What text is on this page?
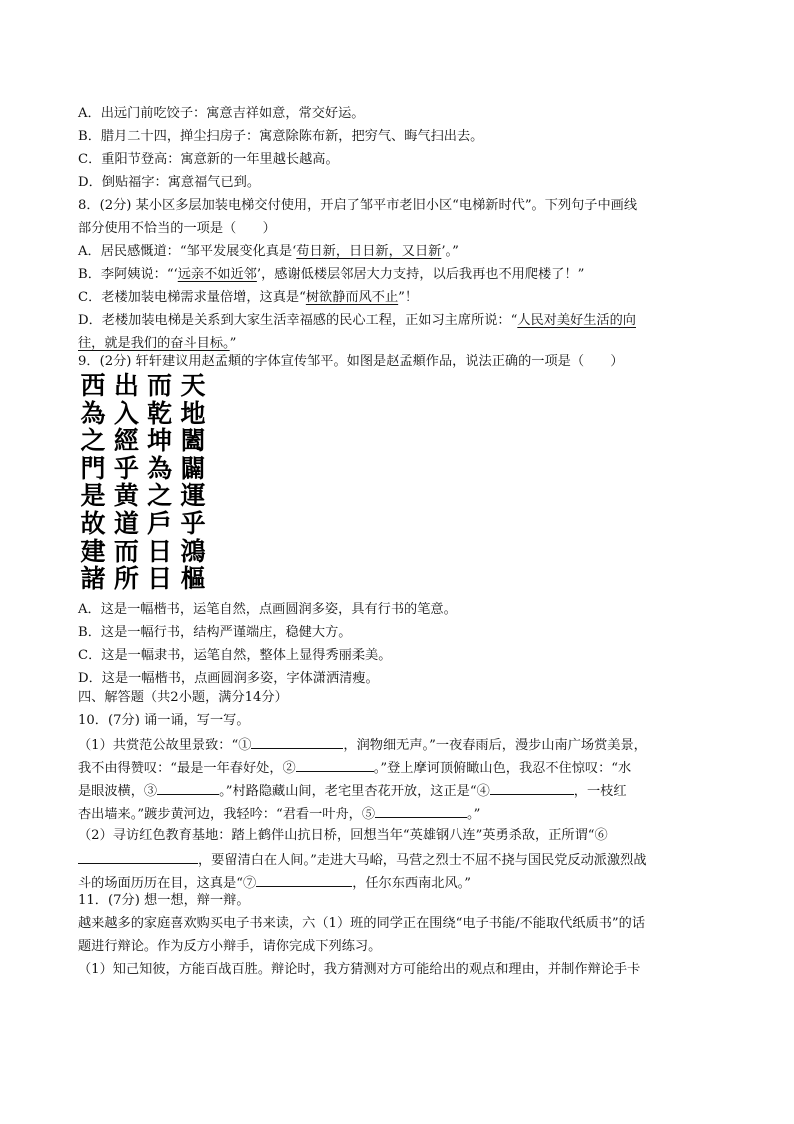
A．出远门前吃饺子：寓意吉祥如意，常交好运。
B．腊月二十四，掸尘扫房子：寓意除陈布新，把穷气、晦气扫出去。
C．重阳节登高：寓意新的一年里越长越高。
D．倒贴福字：寓意福气已到。
8．(2分) 某小区多层加装电梯交付使用，开启了邹平市老旧小区“电梯新时代”。下列句子中画线
部分使用不恰当的一项是（　　）
A．居民感慨道：“邹平发展变化真是‘苟日新，日日新，又日新’。”
B．李阿姨说：“‘远亲不如近邻’，感谢低楼层邻居大力支持，以后我再也不用爬楼了！”
C．老楼加装电梯需求量倍增，这真是“树欲静而风不止”！
D．老楼加装电梯是关系到大家生活幸福感的民心工程，正如习主席所说：“人民对美好生活的向
往，就是我们的奋斗目标。”
9．(2分) 轩轩建议用赵孟頫的字体宣传邹平。如图是赵孟頫作品，说法正确的一项是（　　）
西 出 而 天
為 入 乾 地
之 經 坤 闔
門 乎 為 闢
是 黄 之 運
故 道 戶 乎
建 而 日 鴻
諸 所 日 樞
A．这是一幅楷书，运笔自然，点画圆润多姿，具有行书的笔意。
B．这是一幅行书，结构严谨端庄，稳健大方。
C．这是一幅隶书，运笔自然，整体上显得秀丽柔美。
D．这是一幅楷书，点画圆润多姿，字体潇洒清瘦。
四、解答题（共2小题，满分14分）
10．(7分) 诵一诵，写一写。
（1）共赏范公故里景致：“①	，润物细无声。”一夜春雨后，漫步山南广场赏美景，
我不由得赞叹：“最是一年春好处，②	。”登上摩诃顶俯瞰山色，我忍不住惊叹：“水
是眼波横，③	。”村路隐藏山间，老宅里杏花开放，这正是“④	，一枝红
杏出墙来。”踱步黄河边，我轻吟：“君看一叶舟，⑤	。”
（2）寻访红色教育基地：踏上鹤伴山抗日桥，回想当年“英雄钢八连”英勇杀敌，正所谓“⑥
，要留清白在人间。”走进大马峪，马营之烈士不屈不挠与国民党反动派激烈战
斗的场面历历在目，这真是“⑦	，任尔东西南北风。”
11．(7分) 想一想，辩一辩。
越来越多的家庭喜欢购买电子书来读，六（1）班的同学正在围绕“电子书能/不能取代纸质书”的话
题进行辩论。作为反方小辩手，请你完成下列练习。
（1）知己知彼，方能百战百胜。辩论时，我方猜测对方可能给出的观点和理由，并制作辩论手卡
